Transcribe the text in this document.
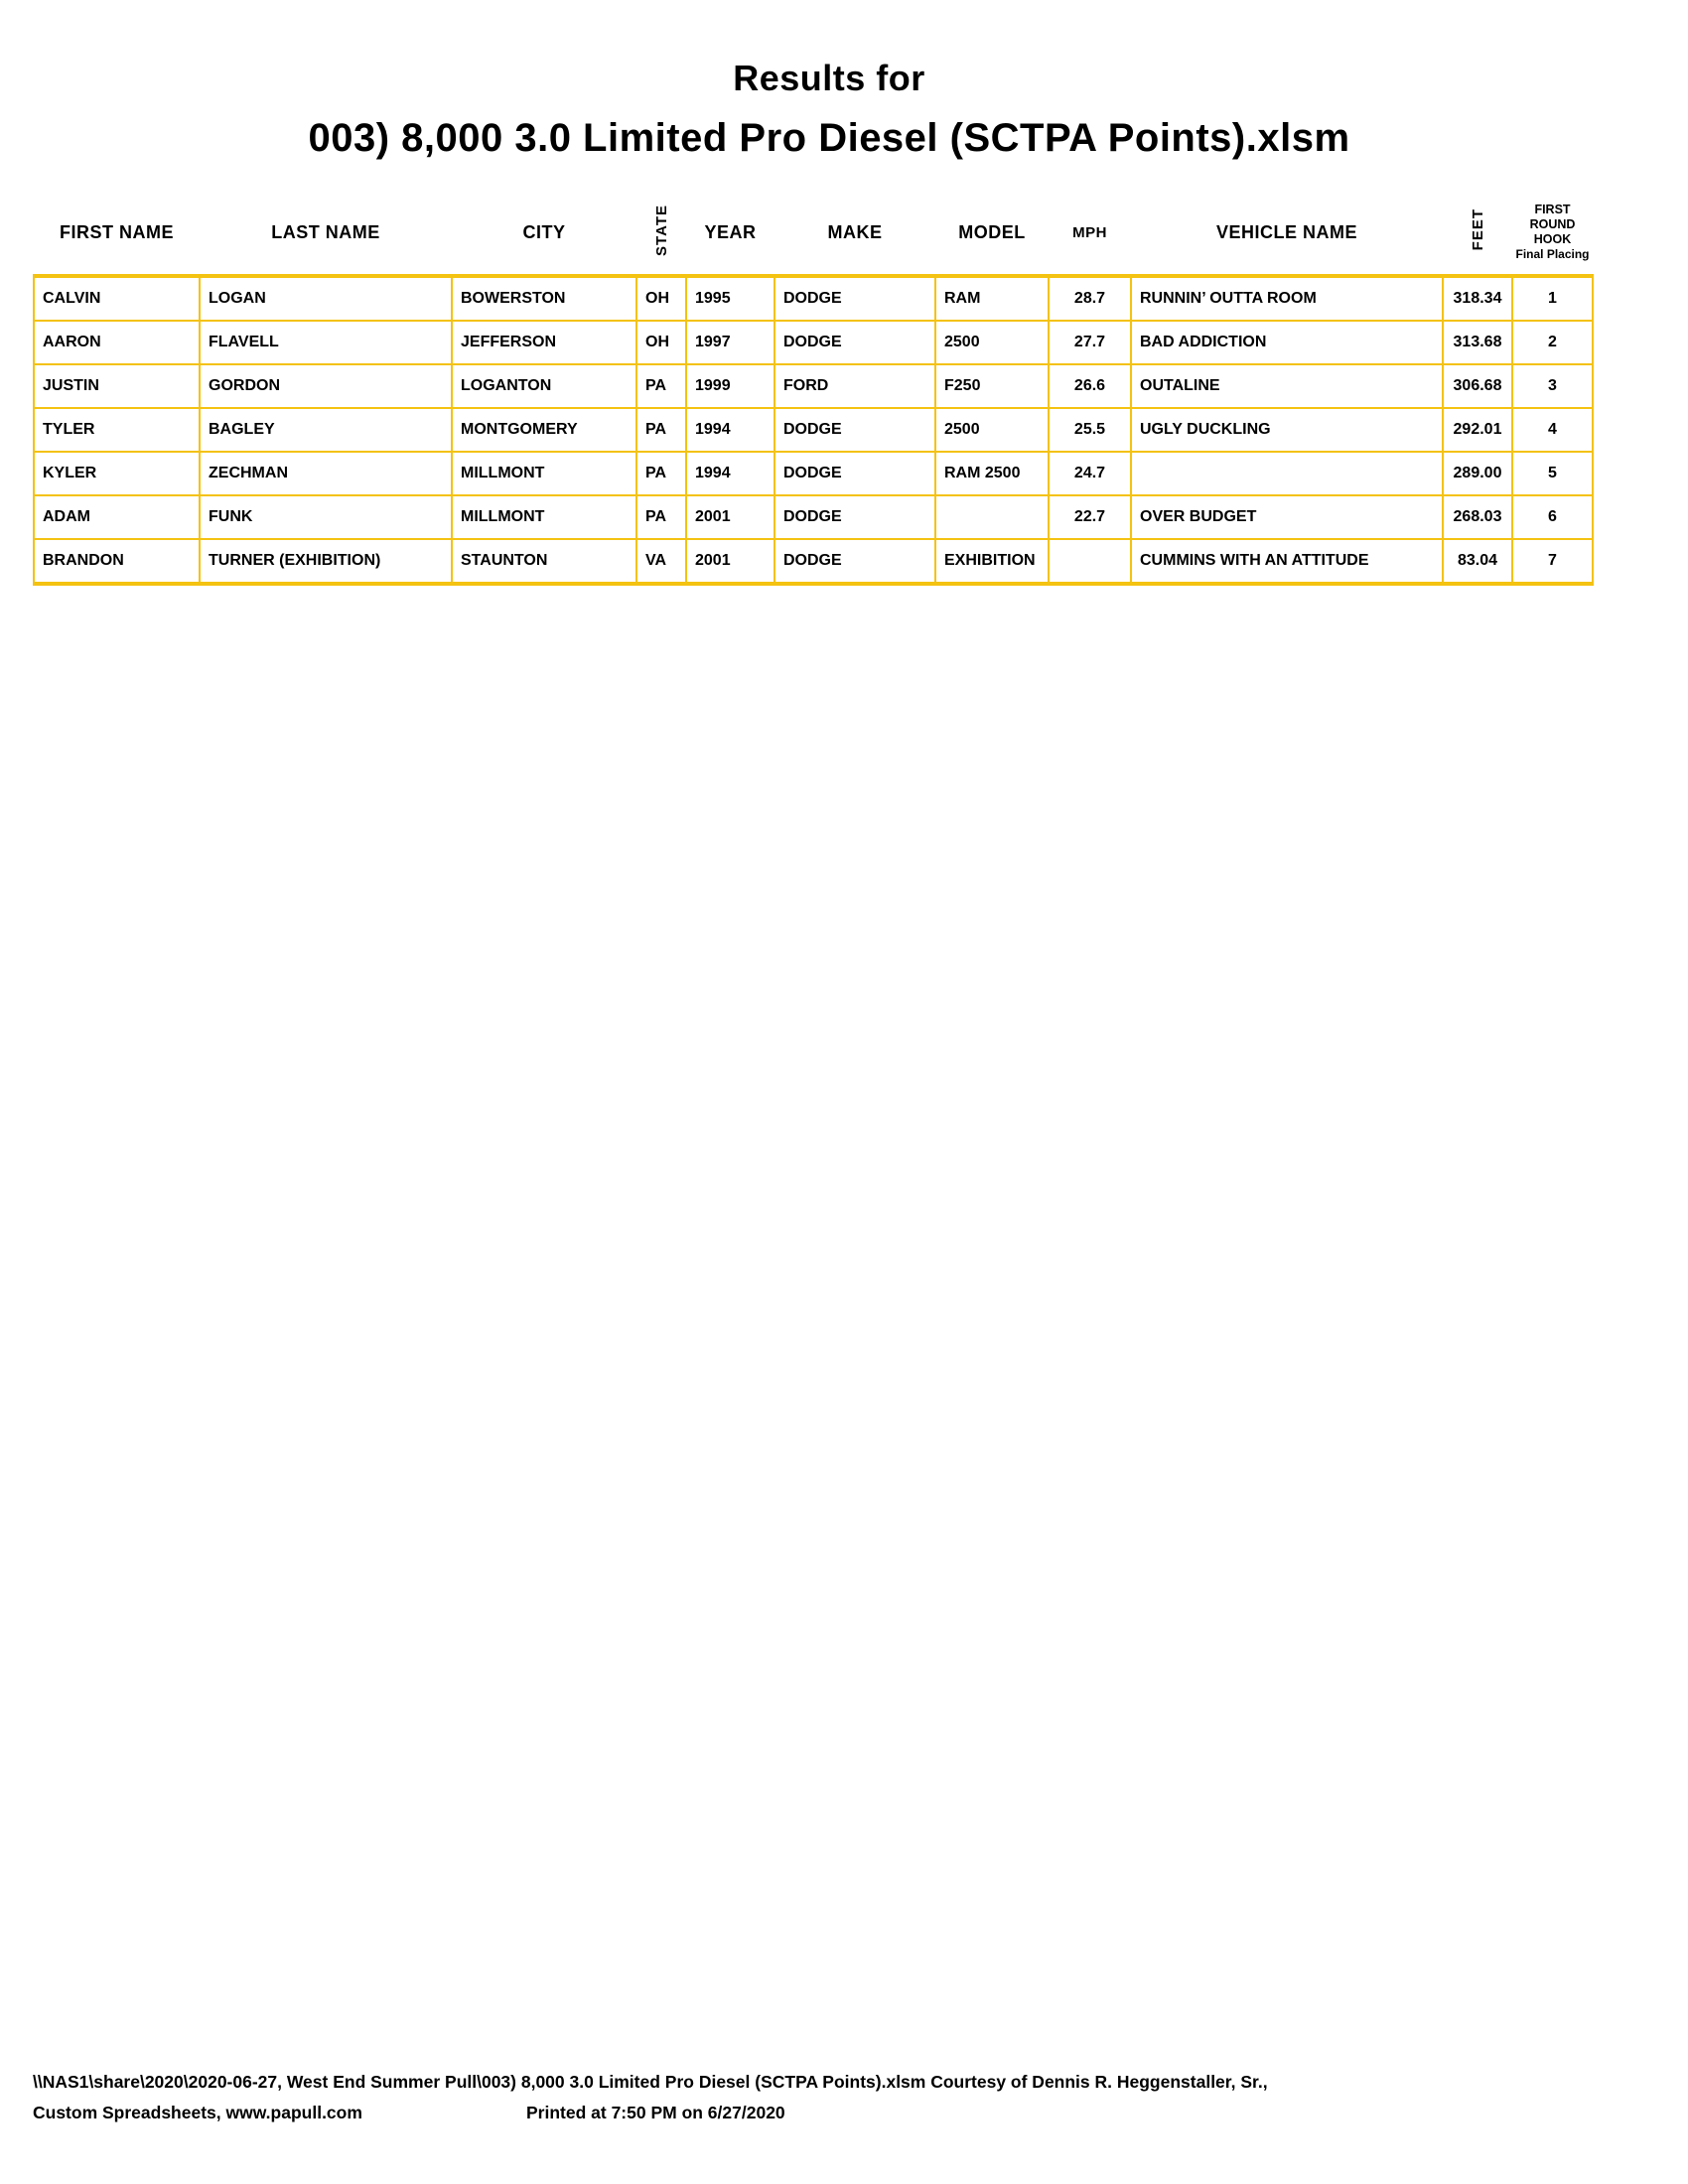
Results for
003) 8,000 3.0 Limited Pro Diesel (SCTPA Points).xlsm
FIRST NAME	LAST NAME	CITY	STATE	YEAR	MAKE	MODEL	MPH	VEHICLE NAME	FEET	FIRST ROUND
HOOK
Final Placing

CALVIN	LOGAN	BOWERSTON	OH	1995	DODGE	RAM	28.7	RUNNIN’ OUTTA ROOM	318.34	1
AARON	FLAVELL	JEFFERSON	OH	1997	DODGE	2500	27.7	BAD ADDICTION	313.68	2
JUSTIN	GORDON	LOGANTON	PA	1999	FORD	F250	26.6	OUTALINE	306.68	3
TYLER	BAGLEY	MONTGOMERY	PA	1994	DODGE	2500	25.5	UGLY DUCKLING	292.01	4
KYLER	ZECHMAN	MILLMONT	PA	1994	DODGE	RAM 2500	24.7		289.00	5
ADAM	FUNK	MILLMONT	PA	2001	DODGE		22.7	OVER BUDGET	268.03	6
BRANDON	TURNER (EXHIBITION)	STAUNTON	VA	2001	DODGE	EXHIBITION		CUMMINS WITH AN ATTITUDE	83.04	7
\\NAS1\share\2020\2020-06-27, West End Summer Pull\003) 8,000 3.0 Limited Pro Diesel (SCTPA Points).xlsm Courtesy of Dennis R. Heggenstaller, Sr.,
Custom Spreadsheets, www.papull.com	Printed at 7:50 PM on 6/27/2020
